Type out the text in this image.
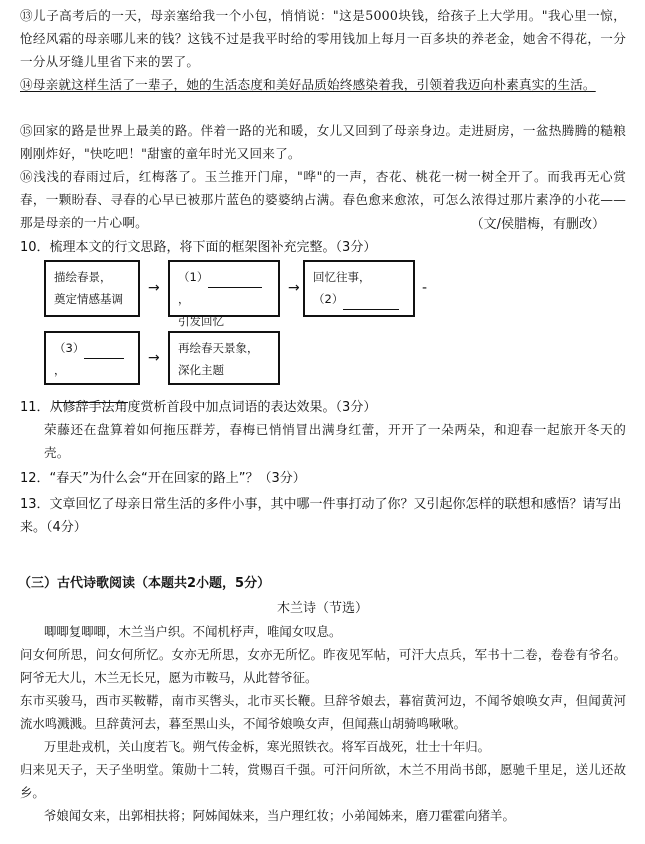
⑬儿子高考后的一天，母亲塞给我一个小包，悄悄说："这是5000块钱，给孩子上大学用。"我心里一惊，怆经风霜的母亲哪儿来的钱？这钱不过是我平时给的零用钱加上每月一百多块的养老金，她舍不得花，一分一分从牙缝儿里省下来的罢了。
⑭母亲就这样生活了一辈子，她的生活态度和美好品质始终感染着我，引领着我迈向朴素真实的生活。
⑮回家的路是世界上最美的路。伴着一路的光和暖，女儿又回到了母亲身边。走进厨房，一盆热腾腾的糙粮刚刚炸好，"快吃吧！"甜蜜的童年时光又回来了。
⑯浅浅的春雨过后，红梅落了。玉兰推开门扉，"哗"的一声，杏花、桃花一树一树全开了。而我再无心赏春，一颗盼春、寻春的心早已被那片蓝色的婆婆纳占满。春色愈来愈浓，可怎么浓得过那片素净的小花——那是母亲的一片心啊。	（文/侯腊梅，有删改）
10．梳理本文的行文思路，将下面的框架图补充完整。（3分）
描绘春景，
奠定情感基调
→
（1），
引发回忆
→
回忆往事，
（2）
-
（3），
→
再绘春天景象，
深化主题
11．从修辞手法角度赏析首段中加点词语的表达效果。（3分）
荣藤还在盘算着如何拖压群芳，春梅已悄悄冒出满身红蕾，开开了一朵两朵，和迎春一起旅开冬天的壳。
12．“春天”为什么会“开在回家的路上”？（3分）
13．文章回忆了母亲日常生活的多件小事，其中哪一件事打动了你？又引起你怎样的联想和感悟？请写出来。（4分）
（三）古代诗歌阅读（本题共2小题，5分）
木兰诗（节选）
唧唧复唧唧，木兰当户织。不闻机杼声，唯闻女叹息。
问女何所思，问女何所忆。女亦无所思，女亦无所忆。昨夜见军帖，可汗大点兵，军书十二卷，卷卷有爷名。阿爷无大儿，木兰无长兄，愿为市鞍马，从此替爷征。
东市买骏马，西市买鞍鞯，南市买辔头，北市买长鞭。旦辞爷娘去，暮宿黄河边，不闻爷娘唤女声，但闻黄河流水鸣溅溅。旦辞黄河去，暮至黑山头，不闻爷娘唤女声，但闻燕山胡骑鸣啾啾。
万里赴戎机，关山度若飞。朔气传金柝，寒光照铁衣。将军百战死，壮士十年归。
归来见天子，天子坐明堂。策勋十二转，赏赐百千强。可汗问所欲，木兰不用尚书郎，愿驰千里足，送儿还故乡。
爷娘闻女来，出郭相扶将；阿姊闻妹来，当户理红妆；小弟闻姊来，磨刀霍霍向猪羊。
